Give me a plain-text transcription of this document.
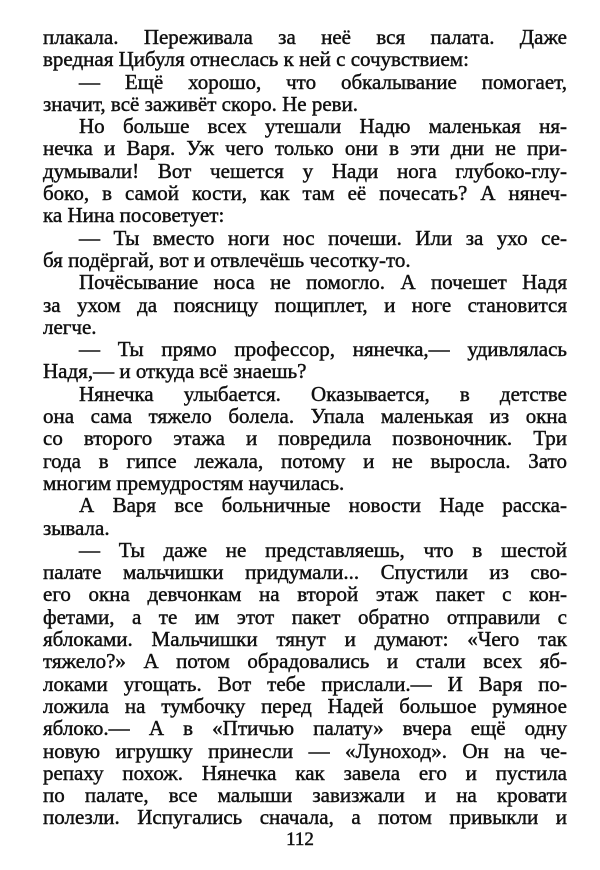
плакала. Переживала за неё вся палата. Даже
вредная Цибуля отнеслась к ней с сочувствием:
— Ещё хорошо, что обкалывание помогает,
значит, всё заживёт скоро. Не реви.
Но больше всех утешали Надю маленькая ня-
нечка и Варя. Уж чего только они в эти дни не при-
думывали! Вот чешется у Нади нога глубоко-глу-
боко, в самой кости, как там её почесать? А нянеч-
ка Нина посоветует:
— Ты вместо ноги нос почеши. Или за ухо се-
бя подёргай, вот и отвлечёшь чесотку-то.
Почёсывание носа не помогло. А почешет Надя
за ухом да поясницу пощиплет, и ноге становится
легче.
— Ты прямо профессор, нянечка,— удивлялась
Надя,— и откуда всё знаешь?
Нянечка улыбается. Оказывается, в детстве
она сама тяжело болела. Упала маленькая из окна
со второго этажа и повредила позвоночник. Три
года в гипсе лежала, потому и не выросла. Зато
многим премудростям научилась.
А Варя все больничные новости Наде расска-
зывала.
— Ты даже не представляешь, что в шестой
палате мальчишки придумали... Спустили из сво-
его окна девчонкам на второй этаж пакет с кон-
фетами, а те им этот пакет обратно отправили с
яблоками. Мальчишки тянут и думают: «Чего так
тяжело?» А потом обрадовались и стали всех яб-
локами угощать. Вот тебе прислали.— И Варя по-
ложила на тумбочку перед Надей большое румяное
яблоко.— А в «Птичью палату» вчера ещё одну
новую игрушку принесли — «Луноход». Он на че-
репаху похож. Нянечка как завела его и пустила
по палате, все малыши завизжали и на кровати
полезли. Испугались сначала, а потом привыкли и
112
